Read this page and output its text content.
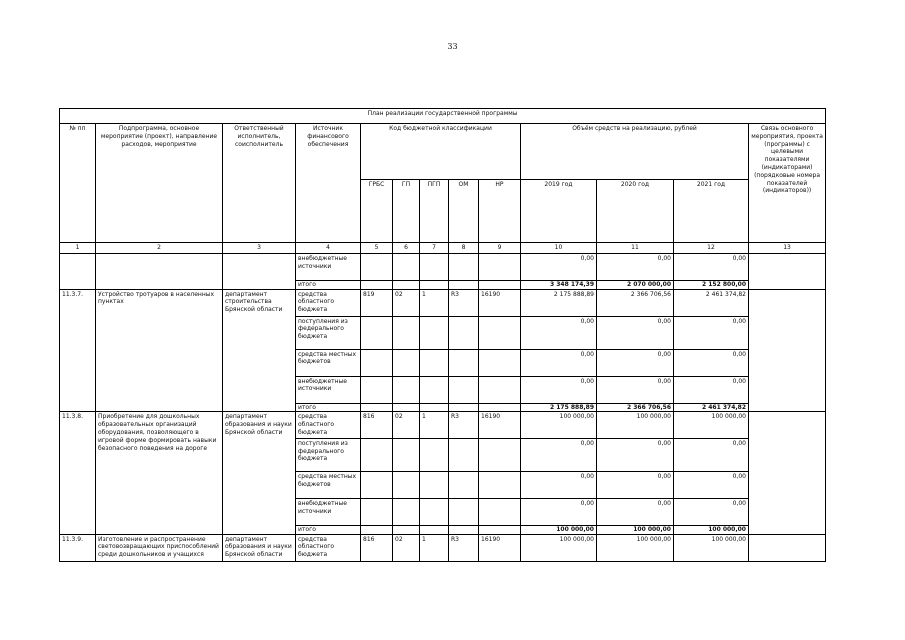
33
План реализации государственной программы												
№ пп	Подпрограмма, основное мероприятие (проект), направление расходов, мероприятие	Ответственный исполнитель, соисполнитель	Источник финансового обеспечения	Код бюджетной классификации					Объём средств на реализацию, рублей			Связь основного мероприятия, проекта (программы) с целевыми показателями (индикаторами) (порядковые номера показателей (индикаторов))
				ГРБС	ГП	ПГП	ОМ	НР	2019 год	2020 год	2021 год	
1	2	3	4	5	6	7	8	9	10	11	12	13
			внебюджетные источники						0,00	0,00	0,00	
			итого						3 348 174,39	2 070 000,00	2 152 800,00	
11.3.7.	Устройство тротуаров в населенных пунктах	департамент строительства Брянской области	средства областного бюджета	819	02	1	R3	16190	2 175 888,89	2 366 706,56	2 461 374,82	
			поступления из федерального бюджета						0,00	0,00	0,00	
			средства местных бюджетов						0,00	0,00	0,00	
			внебюджетные источники						0,00	0,00	0,00	
			итого						2 175 888,89	2 366 706,56	2 461 374,82	
11.3.8.	Приобретение для дошкольных образовательных организаций оборудования, позволяющего в игровой форме формировать навыки безопасного поведения на дороге	департамент образования и науки Брянской области	средства областного бюджета	816	02	1	R3	16190	100 000,00	100 000,00	100 000,00	
			поступления из федерального бюджета						0,00	0,00	0,00	
			средства местных бюджетов						0,00	0,00	0,00	
			внебюджетные источники						0,00	0,00	0,00	
			итого						100 000,00	100 000,00	100 000,00	
11.3.9.	Изготовление и распространение световозвращающих приспособлений среди дошкольников и учащихся	департамент образования и науки Брянской области	средства областного бюджета	816	02	1	R3	16190	100 000,00	100 000,00	100 000,00	
